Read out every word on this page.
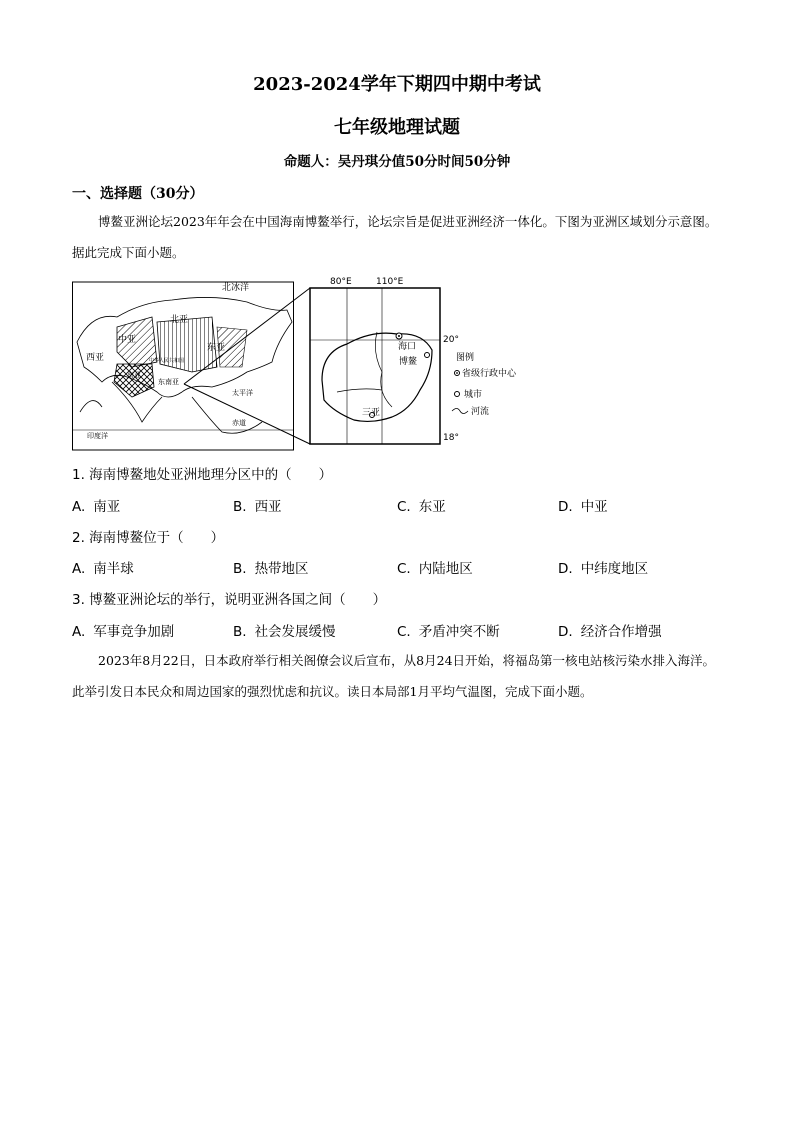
2023-2024学年下期四中期中考试
七年级地理试题
命题人：吴丹琪分值50分时间50分钟
一、选择题（30分）
博鳌亚洲论坛2023年年会在中国海南博鳌举行，论坛宗旨是促进亚洲经济一体化。下图为亚洲区域划分示意图。据此完成下面小题。
北冰洋
北亚
中亚
东亚
西亚
南亚
中华人民共和国
东南亚
太平洋
赤道
印度洋
80°E	110°E
20°
18°
海口
博鳌
三亚
图例
省级行政中心
城市
河流
1. 海南博鳌地处亚洲地理分区中的（　　）
A. 南亚	B. 西亚	C. 东亚	D. 中亚
2. 海南博鳌位于（　　）
A. 南半球	B. 热带地区	C. 内陆地区	D. 中纬度地区
3. 博鳌亚洲论坛的举行，说明亚洲各国之间（　　）
A. 军事竞争加剧	B. 社会发展缓慢	C. 矛盾冲突不断	D. 经济合作增强
2023年8月22日，日本政府举行相关阁僚会议后宣布，从8月24日开始，将福岛第一核电站核污染水排入海洋。此举引发日本民众和周边国家的强烈忧虑和抗议。读日本局部1月平均气温图，完成下面小题。
